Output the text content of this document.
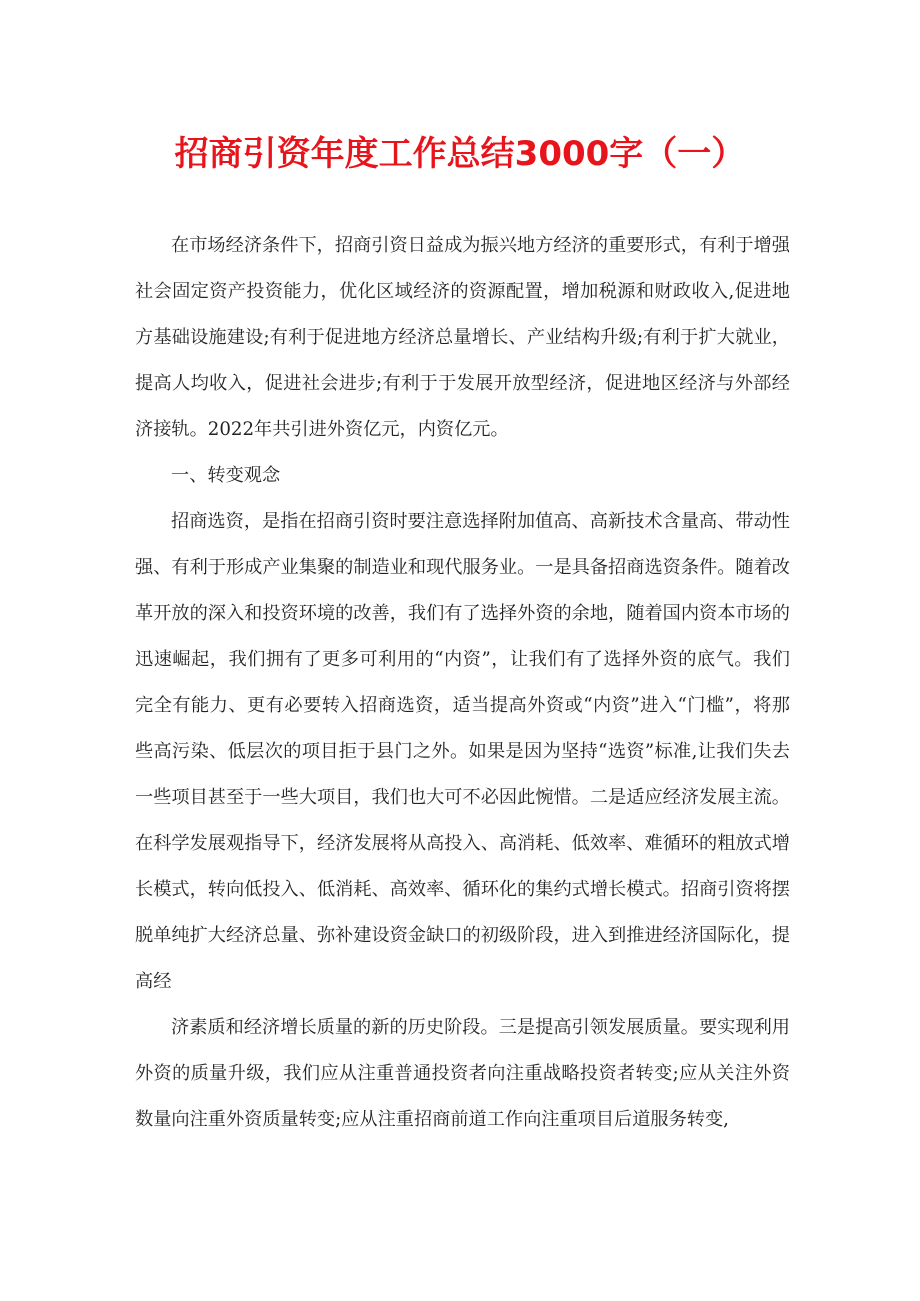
招商引资年度工作总结3000字（一）

在市场经济条件下，招商引资日益成为振兴地方经济的重要形式，有利于增强社会固定资产投资能力，优化区域经济的资源配置，增加税源和财政收入,促进地方基础设施建设;有利于促进地方经济总量增长、产业结构升级;有利于扩大就业，提高人均收入，促进社会进步;有利于于发展开放型经济，促进地区经济与外部经济接轨。2022年共引进外资亿元，内资亿元。

一、转变观念

招商选资，是指在招商引资时要注意选择附加值高、高新技术含量高、带动性强、有利于形成产业集聚的制造业和现代服务业。一是具备招商选资条件。随着改革开放的深入和投资环境的改善，我们有了选择外资的余地，随着国内资本市场的迅速崛起，我们拥有了更多可利用的“内资”，让我们有了选择外资的底气。我们完全有能力、更有必要转入招商选资，适当提高外资或“内资”进入“门槛”，将那些高污染、低层次的项目拒于县门之外。如果是因为坚持“选资”标准,让我们失去一些项目甚至于一些大项目，我们也大可不必因此惋惜。二是适应经济发展主流。在科学发展观指导下，经济发展将从高投入、高消耗、低效率、难循环的粗放式增长模式，转向低投入、低消耗、高效率、循环化的集约式增长模式。招商引资将摆脱单纯扩大经济总量、弥补建设资金缺口的初级阶段，进入到推进经济国际化，提高经

济素质和经济增长质量的新的历史阶段。三是提高引领发展质量。要实现利用外资的质量升级，我们应从注重普通投资者向注重战略投资者转变;应从关注外资数量向注重外资质量转变;应从注重招商前道工作向注重项目后道服务转变,
